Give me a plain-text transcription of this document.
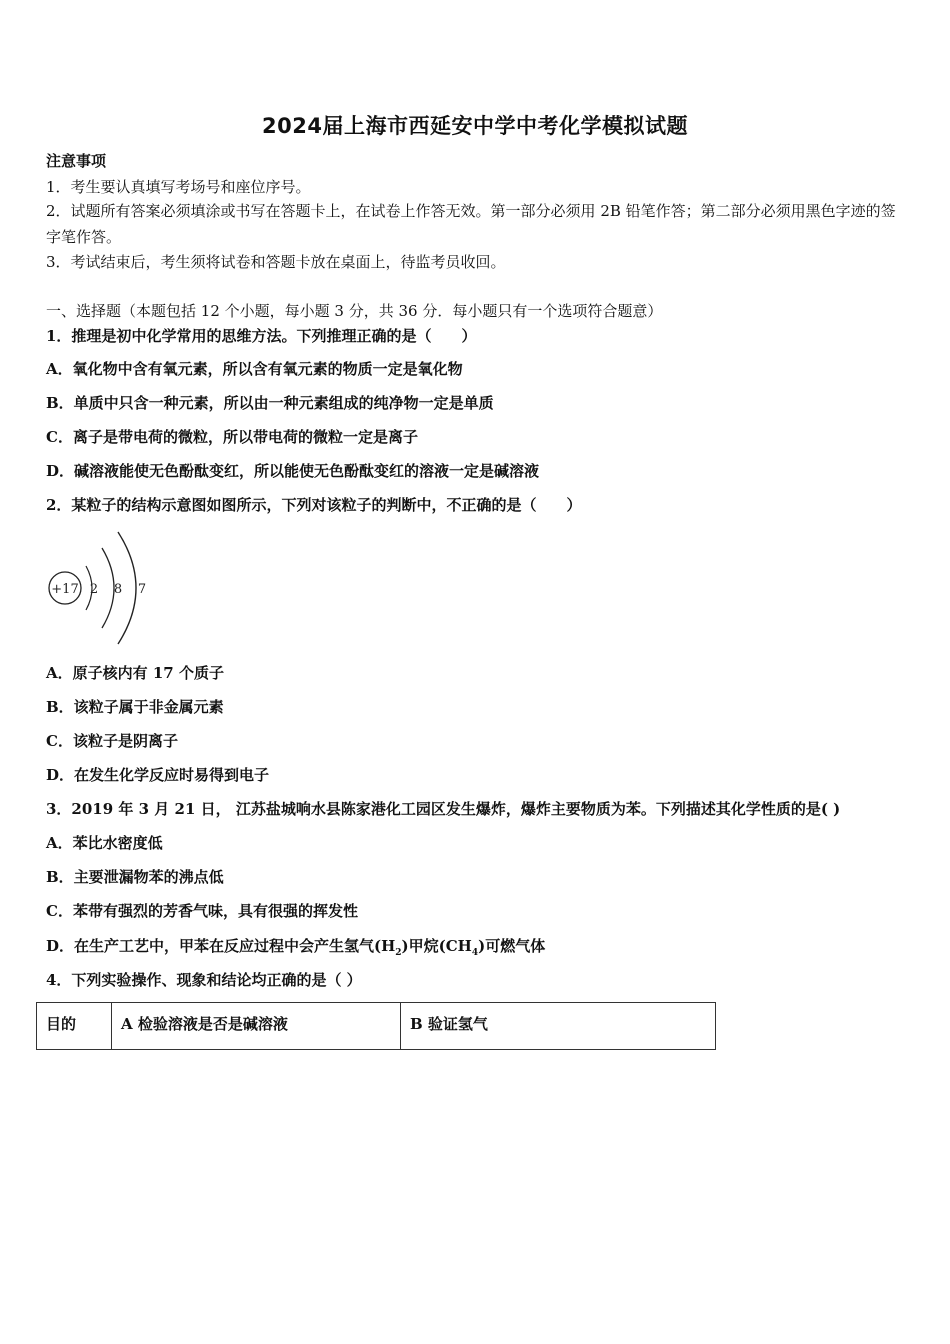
2024届上海市西延安中学中考化学模拟试题
注意事项
1．考生要认真填写考场号和座位序号。
2．试题所有答案必须填涂或书写在答题卡上，在试卷上作答无效。第一部分必须用 2B 铅笔作答；第二部分必须用黑色字迹的签字笔作答。
3．考试结束后，考生须将试卷和答题卡放在桌面上，待监考员收回。
一、选择题（本题包括 12 个小题，每小题 3 分，共 36 分．每小题只有一个选项符合题意）
1．推理是初中化学常用的思维方法。下列推理正确的是（　　）
A．氧化物中含有氧元素，所以含有氧元素的物质一定是氧化物
B．单质中只含一种元素，所以由一种元素组成的纯净物一定是单质
C．离子是带电荷的微粒，所以带电荷的微粒一定是离子
D．碱溶液能使无色酚酞变红，所以能使无色酚酞变红的溶液一定是碱溶液
2．某粒子的结构示意图如图所示，下列对该粒子的判断中，不正确的是（　　）
+17 2 8 7
A．原子核内有 17 个质子
B．该粒子属于非金属元素
C．该粒子是阴离子
D．在发生化学反应时易得到电子
3．2019 年 3 月 21 日， 江苏盐城响水县陈家港化工园区发生爆炸，爆炸主要物质为苯。下列描述其化学性质的是( )
A．苯比水密度低
B．主要泄漏物苯的沸点低
C．苯带有强烈的芳香气味，具有很强的挥发性
D．在生产工艺中，甲苯在反应过程中会产生氢气$(H_2)$甲烷$(CH_4)$可燃气体
4．下列实验操作、现象和结论均正确的是（ ）
目的	A 检验溶液是否是碱溶液	B 验证氢气
